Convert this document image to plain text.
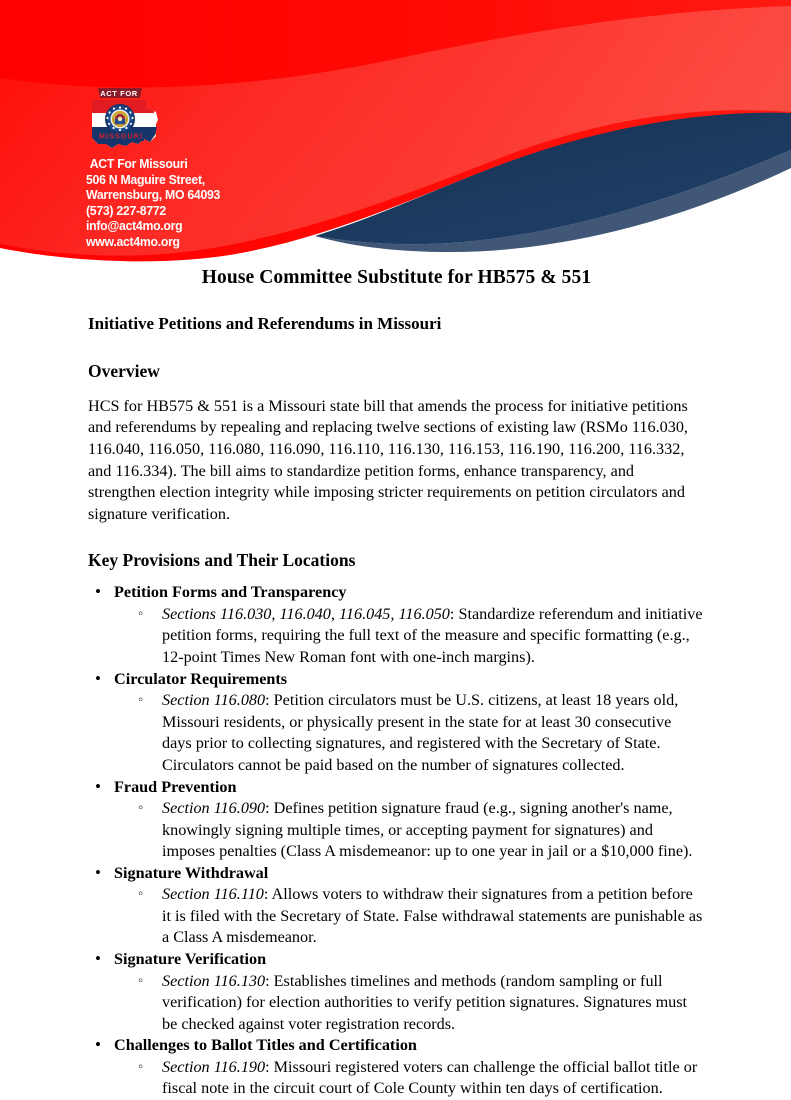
ACT FOR
MISSOURI
ACT For Missouri
506 N Maguire Street,
Warrensburg, MO 64093
(573) 227-8772
info@act4mo.org
www.act4mo.org
House Committee Substitute for HB575 & 551
Initiative Petitions and Referendums in Missouri
Overview

HCS for HB575 & 551 is a Missouri state bill that amends the process for initiative petitions and referendums by repealing and replacing twelve sections of existing law (RSMo 116.030, 116.040, 116.050, 116.080, 116.090, 116.110, 116.130, 116.153, 116.190, 116.200, 116.332, and 116.334). The bill aims to standardize petition forms, enhance transparency, and strengthen election integrity while imposing stricter requirements on petition circulators and signature verification.

Key Provisions and Their Locations
• Petition Forms and Transparency
◦ Sections 116.030, 116.040, 116.045, 116.050: Standardize referendum and initiative petition forms, requiring the full text of the measure and specific formatting (e.g., 12-point Times New Roman font with one-inch margins).
• Circulator Requirements
◦ Section 116.080: Petition circulators must be U.S. citizens, at least 18 years old, Missouri residents, or physically present in the state for at least 30 consecutive days prior to collecting signatures, and registered with the Secretary of State. Circulators cannot be paid based on the number of signatures collected.
• Fraud Prevention
◦ Section 116.090: Defines petition signature fraud (e.g., signing another's name, knowingly signing multiple times, or accepting payment for signatures) and imposes penalties (Class A misdemeanor: up to one year in jail or a $10,000 fine).
• Signature Withdrawal
◦ Section 116.110: Allows voters to withdraw their signatures from a petition before it is filed with the Secretary of State. False withdrawal statements are punishable as a Class A misdemeanor.
• Signature Verification
◦ Section 116.130: Establishes timelines and methods (random sampling or full verification) for election authorities to verify petition signatures. Signatures must be checked against voter registration records.
• Challenges to Ballot Titles and Certification
◦ Section 116.190: Missouri registered voters can challenge the official ballot title or fiscal note in the circuit court of Cole County within ten days of certification.
